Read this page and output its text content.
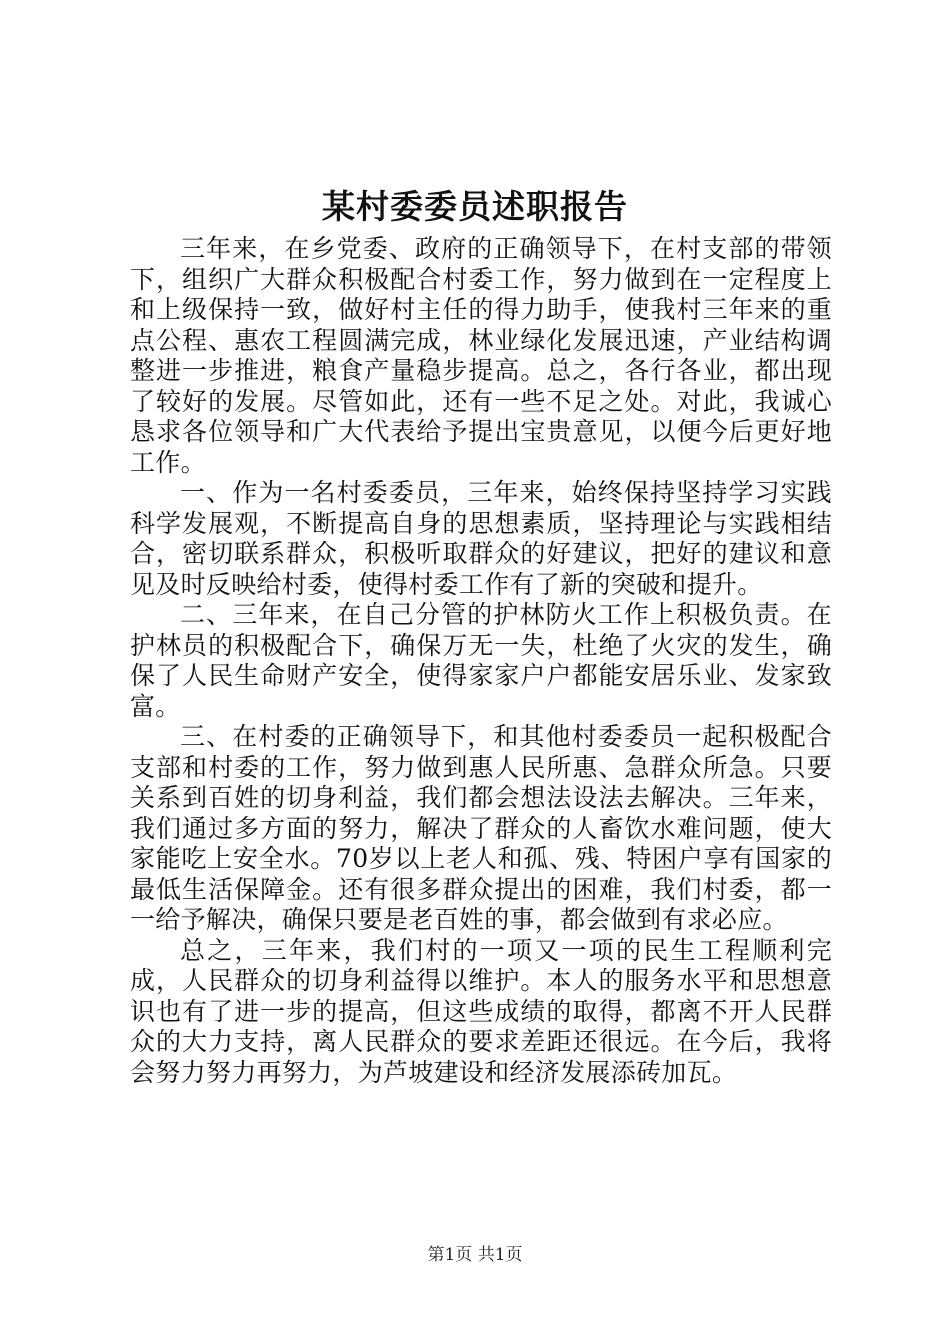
某村委委员述职报告

三年来，在乡党委、政府的正确领导下，在村支部的带领下，组织广大群众积极配合村委工作，努力做到在一定程度上和上级保持一致，做好村主任的得力助手，使我村三年来的重点公程、惠农工程圆满完成，林业绿化发展迅速，产业结构调整进一步推进，粮食产量稳步提高。总之，各行各业，都出现了较好的发展。尽管如此，还有一些不足之处。对此，我诚心恳求各位领导和广大代表给予提出宝贵意见，以便今后更好地工作。

一、作为一名村委委员，三年来，始终保持坚持学习实践科学发展观，不断提高自身的思想素质，坚持理论与实践相结合，密切联系群众，积极听取群众的好建议，把好的建议和意见及时反映给村委，使得村委工作有了新的突破和提升。

二、三年来，在自己分管的护林防火工作上积极负责。在护林员的积极配合下，确保万无一失，杜绝了火灾的发生，确保了人民生命财产安全，使得家家户户都能安居乐业、发家致富。

三、在村委的正确领导下，和其他村委委员一起积极配合支部和村委的工作，努力做到惠人民所惠、急群众所急。只要关系到百姓的切身利益，我们都会想法设法去解决。三年来，我们通过多方面的努力，解决了群众的人畜饮水难问题，使大家能吃上安全水。70岁以上老人和孤、残、特困户享有国家的最低生活保障金。还有很多群众提出的困难，我们村委，都一一给予解决，确保只要是老百姓的事，都会做到有求必应。

总之，三年来，我们村的一项又一项的民生工程顺利完成，人民群众的切身利益得以维护。本人的服务水平和思想意识也有了进一步的提高，但这些成绩的取得，都离不开人民群众的大力支持，离人民群众的要求差距还很远。在今后，我将会努力努力再努力，为芦坡建设和经济发展添砖加瓦。

第1页 共1页
